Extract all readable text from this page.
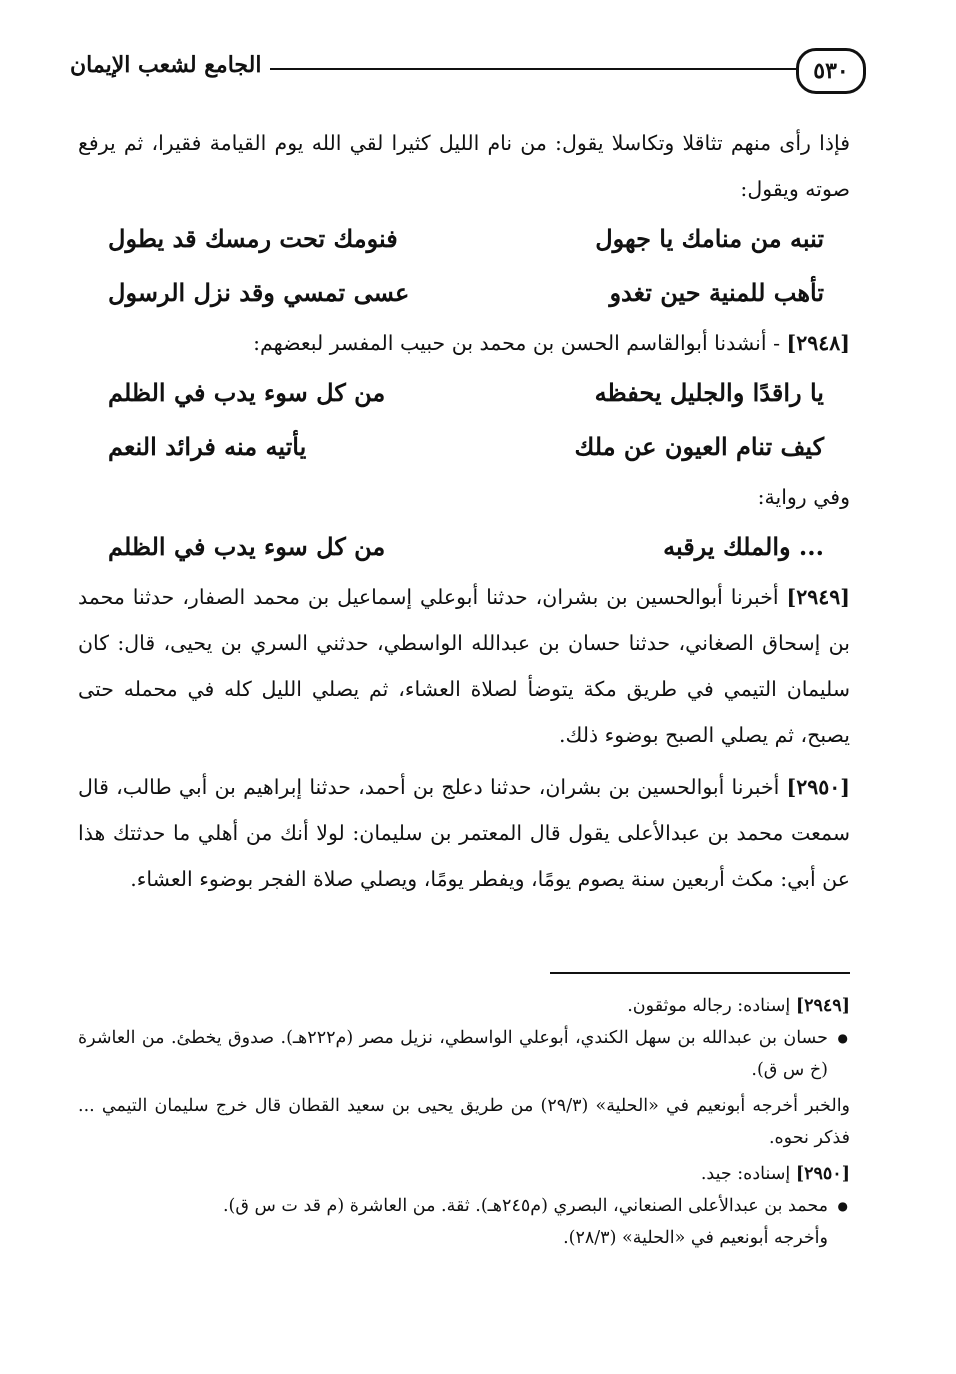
٥٣٠
الجامع لشعب الإيمان

فإذا رأى منهم تثاقلا وتكاسلا يقول: من نام الليل كثيرا لقي الله يوم القيامة فقيرا، ثم يرفع صوته ويقول:

تنبه من منامك يا جهول
فنومك تحت رمسك قد يطول
تأهب للمنية حين تغدو
عسى تمسي وقد نزل الرسول

[٢٩٤٨] - أنشدنا أبوالقاسم الحسن بن محمد بن حبيب المفسر لبعضهم:

يا راقدًا والجليل يحفظه
من كل سوء يدب في الظلم
كيف تنام العيون عن ملك
يأتيه منه فرائد النعم

وفي رواية:

... والملك يرقبه
من كل سوء يدب في الظلم

[٢٩٤٩] أخبرنا أبوالحسين بن بشران، حدثنا أبوعلي إسماعيل بن محمد الصفار، حدثنا محمد بن إسحاق الصغاني، حدثنا حسان بن عبدالله الواسطي، حدثني السري بن يحيى، قال: كان سليمان التيمي في طريق مكة يتوضأ لصلاة العشاء، ثم يصلي الليل كله في محمله حتى يصبح، ثم يصلي الصبح بوضوء ذلك.

[٢٩٥٠] أخبرنا أبوالحسين بن بشران، حدثنا دعلج بن أحمد، حدثنا إبراهيم بن أبي طالب، قال سمعت محمد بن عبدالأعلى يقول قال المعتمر بن سليمان: لولا أنك من أهلي ما حدثتك هذا عن أبي: مكث أربعين سنة يصوم يومًا، ويفطر يومًا، ويصلي صلاة الفجر بوضوء العشاء.

[٢٩٤٩] إسناده: رجاله موثقون.

● حسان بن عبدالله بن سهل الكندي، أبوعلي الواسطي، نزيل مصر (م٢٢٢هـ). صدوق يخطئ. من العاشرة (خ س ق).

والخبر أخرجه أبونعيم في «الحلية» (٢٩/٣) من طريق يحيى بن سعيد القطان قال خرج سليمان التيمي ... فذكر نحوه.

[٢٩٥٠] إسناده: جيد.

● محمد بن عبدالأعلى الصنعاني، البصري (م٢٤٥هـ). ثقة. من العاشرة (م قد ت س ق).

وأخرجه أبونعيم في «الحلية» (٢٨/٣).
